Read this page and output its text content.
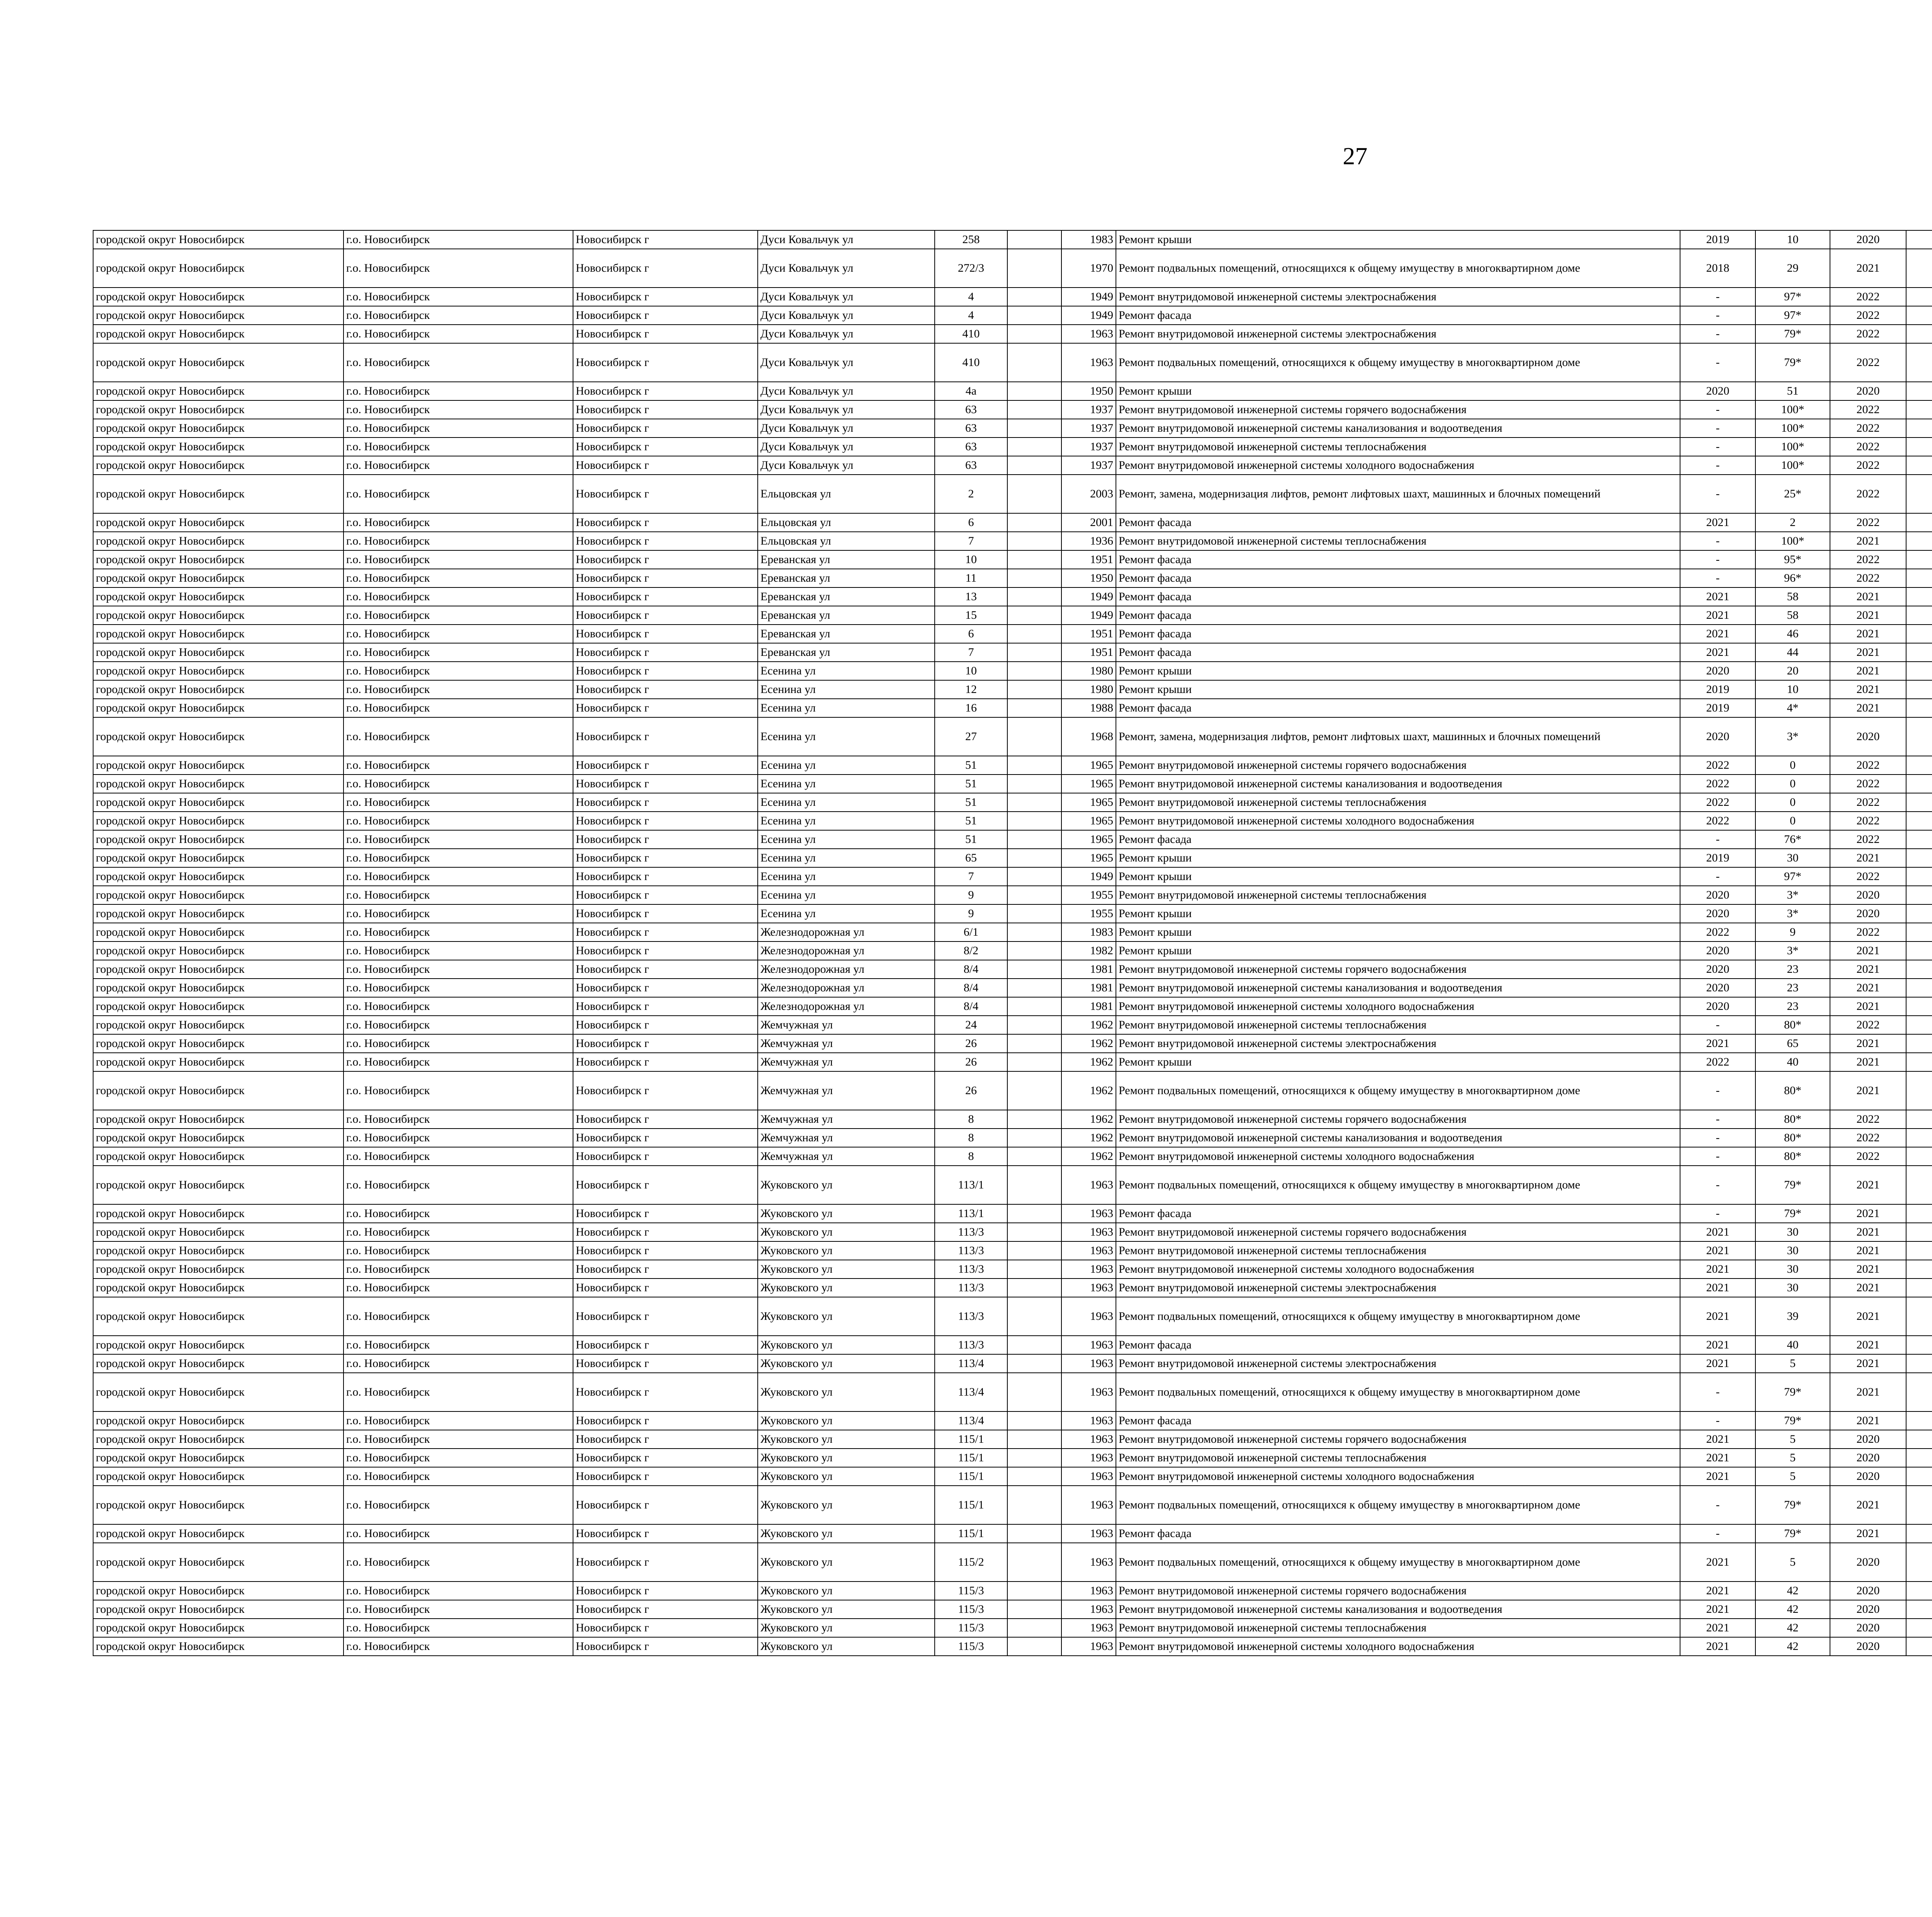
27
городской округ Новосибирск	г.о. Новосибирск	Новосибирск г	Дуси Ковальчук ул	258		1983	Ремонт крыши	2019	10	2020						
городской округ Новосибирск	г.о. Новосибирск	Новосибирск г	Дуси Ковальчук ул	272/3		1970	Ремонт подвальных помещений, относящихся к общему имуществу в многоквартирном доме	2018	29	2021						
городской округ Новосибирск	г.о. Новосибирск	Новосибирск г	Дуси Ковальчук ул	4		1949	Ремонт внутридомовой инженерной системы электроснабжения	-	97*	2022						
городской округ Новосибирск	г.о. Новосибирск	Новосибирск г	Дуси Ковальчук ул	4		1949	Ремонт фасада	-	97*	2022						
городской округ Новосибирск	г.о. Новосибирск	Новосибирск г	Дуси Ковальчук ул	410		1963	Ремонт внутридомовой инженерной системы электроснабжения	-	79*	2022						
городской округ Новосибирск	г.о. Новосибирск	Новосибирск г	Дуси Ковальчук ул	410		1963	Ремонт подвальных помещений, относящихся к общему имуществу в многоквартирном доме	-	79*	2022						
городской округ Новосибирск	г.о. Новосибирск	Новосибирск г	Дуси Ковальчук ул	4а		1950	Ремонт крыши	2020	51	2020						
городской округ Новосибирск	г.о. Новосибирск	Новосибирск г	Дуси Ковальчук ул	63		1937	Ремонт внутридомовой инженерной системы горячего водоснабжения	-	100*	2022						
городской округ Новосибирск	г.о. Новосибирск	Новосибирск г	Дуси Ковальчук ул	63		1937	Ремонт внутридомовой инженерной системы канализования и водоотведения	-	100*	2022						
городской округ Новосибирск	г.о. Новосибирск	Новосибирск г	Дуси Ковальчук ул	63		1937	Ремонт внутридомовой инженерной системы теплоснабжения	-	100*	2022						
городской округ Новосибирск	г.о. Новосибирск	Новосибирск г	Дуси Ковальчук ул	63		1937	Ремонт внутридомовой инженерной системы холодного водоснабжения	-	100*	2022						
городской округ Новосибирск	г.о. Новосибирск	Новосибирск г	Ельцовская ул	2		2003	Ремонт, замена, модернизация лифтов, ремонт лифтовых шахт, машинных и блочных помещений	-	25*	2022						
городской округ Новосибирск	г.о. Новосибирск	Новосибирск г	Ельцовская ул	6		2001	Ремонт фасада	2021	2	2022						
городской округ Новосибирск	г.о. Новосибирск	Новосибирск г	Ельцовская ул	7		1936	Ремонт внутридомовой инженерной системы теплоснабжения	-	100*	2021						
городской округ Новосибирск	г.о. Новосибирск	Новосибирск г	Ереванская ул	10		1951	Ремонт фасада	-	95*	2022						
городской округ Новосибирск	г.о. Новосибирск	Новосибирск г	Ереванская ул	11		1950	Ремонт фасада	-	96*	2022						
городской округ Новосибирск	г.о. Новосибирск	Новосибирск г	Ереванская ул	13		1949	Ремонт фасада	2021	58	2021						
городской округ Новосибирск	г.о. Новосибирск	Новосибирск г	Ереванская ул	15		1949	Ремонт фасада	2021	58	2021						
городской округ Новосибирск	г.о. Новосибирск	Новосибирск г	Ереванская ул	6		1951	Ремонт фасада	2021	46	2021						
городской округ Новосибирск	г.о. Новосибирск	Новосибирск г	Ереванская ул	7		1951	Ремонт фасада	2021	44	2021						
городской округ Новосибирск	г.о. Новосибирск	Новосибирск г	Есенина ул	10		1980	Ремонт крыши	2020	20	2021						
городской округ Новосибирск	г.о. Новосибирск	Новосибирск г	Есенина ул	12		1980	Ремонт крыши	2019	10	2021						
городской округ Новосибирск	г.о. Новосибирск	Новосибирск г	Есенина ул	16		1988	Ремонт фасада	2019	4*	2021						
городской округ Новосибирск	г.о. Новосибирск	Новосибирск г	Есенина ул	27		1968	Ремонт, замена, модернизация лифтов, ремонт лифтовых шахт, машинных и блочных помещений	2020	3*	2020						
городской округ Новосибирск	г.о. Новосибирск	Новосибирск г	Есенина ул	51		1965	Ремонт внутридомовой инженерной системы горячего водоснабжения	2022	0	2022						
городской округ Новосибирск	г.о. Новосибирск	Новосибирск г	Есенина ул	51		1965	Ремонт внутридомовой инженерной системы канализования и водоотведения	2022	0	2022						
городской округ Новосибирск	г.о. Новосибирск	Новосибирск г	Есенина ул	51		1965	Ремонт внутридомовой инженерной системы теплоснабжения	2022	0	2022						
городской округ Новосибирск	г.о. Новосибирск	Новосибирск г	Есенина ул	51		1965	Ремонт внутридомовой инженерной системы холодного водоснабжения	2022	0	2022						
городской округ Новосибирск	г.о. Новосибирск	Новосибирск г	Есенина ул	51		1965	Ремонт фасада	-	76*	2022						
городской округ Новосибирск	г.о. Новосибирск	Новосибирск г	Есенина ул	65		1965	Ремонт крыши	2019	30	2021						
городской округ Новосибирск	г.о. Новосибирск	Новосибирск г	Есенина ул	7		1949	Ремонт крыши	-	97*	2022						
городской округ Новосибирск	г.о. Новосибирск	Новосибирск г	Есенина ул	9		1955	Ремонт внутридомовой инженерной системы теплоснабжения	2020	3*	2020						
городской округ Новосибирск	г.о. Новосибирск	Новосибирск г	Есенина ул	9		1955	Ремонт крыши	2020	3*	2020						
городской округ Новосибирск	г.о. Новосибирск	Новосибирск г	Железнодорожная ул	6/1		1983	Ремонт крыши	2022	9	2022						
городской округ Новосибирск	г.о. Новосибирск	Новосибирск г	Железнодорожная ул	8/2		1982	Ремонт крыши	2020	3*	2021						
городской округ Новосибирск	г.о. Новосибирск	Новосибирск г	Железнодорожная ул	8/4		1981	Ремонт внутридомовой инженерной системы горячего водоснабжения	2020	23	2021						
городской округ Новосибирск	г.о. Новосибирск	Новосибирск г	Железнодорожная ул	8/4		1981	Ремонт внутридомовой инженерной системы канализования и водоотведения	2020	23	2021						
городской округ Новосибирск	г.о. Новосибирск	Новосибирск г	Железнодорожная ул	8/4		1981	Ремонт внутридомовой инженерной системы холодного водоснабжения	2020	23	2021						
городской округ Новосибирск	г.о. Новосибирск	Новосибирск г	Жемчужная ул	24		1962	Ремонт внутридомовой инженерной системы теплоснабжения	-	80*	2022						
городской округ Новосибирск	г.о. Новосибирск	Новосибирск г	Жемчужная ул	26		1962	Ремонт внутридомовой инженерной системы электроснабжения	2021	65	2021						
городской округ Новосибирск	г.о. Новосибирск	Новосибирск г	Жемчужная ул	26		1962	Ремонт крыши	2022	40	2021						
городской округ Новосибирск	г.о. Новосибирск	Новосибирск г	Жемчужная ул	26		1962	Ремонт подвальных помещений, относящихся к общему имуществу в многоквартирном доме	-	80*	2021						
городской округ Новосибирск	г.о. Новосибирск	Новосибирск г	Жемчужная ул	8		1962	Ремонт внутридомовой инженерной системы горячего водоснабжения	-	80*	2022						
городской округ Новосибирск	г.о. Новосибирск	Новосибирск г	Жемчужная ул	8		1962	Ремонт внутридомовой инженерной системы канализования и водоотведения	-	80*	2022						
городской округ Новосибирск	г.о. Новосибирск	Новосибирск г	Жемчужная ул	8		1962	Ремонт внутридомовой инженерной системы холодного водоснабжения	-	80*	2022						
городской округ Новосибирск	г.о. Новосибирск	Новосибирск г	Жуковского ул	113/1		1963	Ремонт подвальных помещений, относящихся к общему имуществу в многоквартирном доме	-	79*	2021						
городской округ Новосибирск	г.о. Новосибирск	Новосибирск г	Жуковского ул	113/1		1963	Ремонт фасада	-	79*	2021						
городской округ Новосибирск	г.о. Новосибирск	Новосибирск г	Жуковского ул	113/3		1963	Ремонт внутридомовой инженерной системы горячего водоснабжения	2021	30	2021						
городской округ Новосибирск	г.о. Новосибирск	Новосибирск г	Жуковского ул	113/3		1963	Ремонт внутридомовой инженерной системы теплоснабжения	2021	30	2021						
городской округ Новосибирск	г.о. Новосибирск	Новосибирск г	Жуковского ул	113/3		1963	Ремонт внутридомовой инженерной системы холодного водоснабжения	2021	30	2021						
городской округ Новосибирск	г.о. Новосибирск	Новосибирск г	Жуковского ул	113/3		1963	Ремонт внутридомовой инженерной системы электроснабжения	2021	30	2021						
городской округ Новосибирск	г.о. Новосибирск	Новосибирск г	Жуковского ул	113/3		1963	Ремонт подвальных помещений, относящихся к общему имуществу в многоквартирном доме	2021	39	2021						
городской округ Новосибирск	г.о. Новосибирск	Новосибирск г	Жуковского ул	113/3		1963	Ремонт фасада	2021	40	2021						
городской округ Новосибирск	г.о. Новосибирск	Новосибирск г	Жуковского ул	113/4		1963	Ремонт внутридомовой инженерной системы электроснабжения	2021	5	2021						
городской округ Новосибирск	г.о. Новосибирск	Новосибирск г	Жуковского ул	113/4		1963	Ремонт подвальных помещений, относящихся к общему имуществу в многоквартирном доме	-	79*	2021						
городской округ Новосибирск	г.о. Новосибирск	Новосибирск г	Жуковского ул	113/4		1963	Ремонт фасада	-	79*	2021						
городской округ Новосибирск	г.о. Новосибирск	Новосибирск г	Жуковского ул	115/1		1963	Ремонт внутридомовой инженерной системы горячего водоснабжения	2021	5	2020						
городской округ Новосибирск	г.о. Новосибирск	Новосибирск г	Жуковского ул	115/1		1963	Ремонт внутридомовой инженерной системы теплоснабжения	2021	5	2020						
городской округ Новосибирск	г.о. Новосибирск	Новосибирск г	Жуковского ул	115/1		1963	Ремонт внутридомовой инженерной системы холодного водоснабжения	2021	5	2020						
городской округ Новосибирск	г.о. Новосибирск	Новосибирск г	Жуковского ул	115/1		1963	Ремонт подвальных помещений, относящихся к общему имуществу в многоквартирном доме	-	79*	2021						
городской округ Новосибирск	г.о. Новосибирск	Новосибирск г	Жуковского ул	115/1		1963	Ремонт фасада	-	79*	2021						
городской округ Новосибирск	г.о. Новосибирск	Новосибирск г	Жуковского ул	115/2		1963	Ремонт подвальных помещений, относящихся к общему имуществу в многоквартирном доме	2021	5	2020						
городской округ Новосибирск	г.о. Новосибирск	Новосибирск г	Жуковского ул	115/3		1963	Ремонт внутридомовой инженерной системы горячего водоснабжения	2021	42	2020						
городской округ Новосибирск	г.о. Новосибирск	Новосибирск г	Жуковского ул	115/3		1963	Ремонт внутридомовой инженерной системы канализования и водоотведения	2021	42	2020						
городской округ Новосибирск	г.о. Новосибирск	Новосибирск г	Жуковского ул	115/3		1963	Ремонт внутридомовой инженерной системы теплоснабжения	2021	42	2020						
городской округ Новосибирск	г.о. Новосибирск	Новосибирск г	Жуковского ул	115/3		1963	Ремонт внутридомовой инженерной системы холодного водоснабжения	2021	42	2020						
